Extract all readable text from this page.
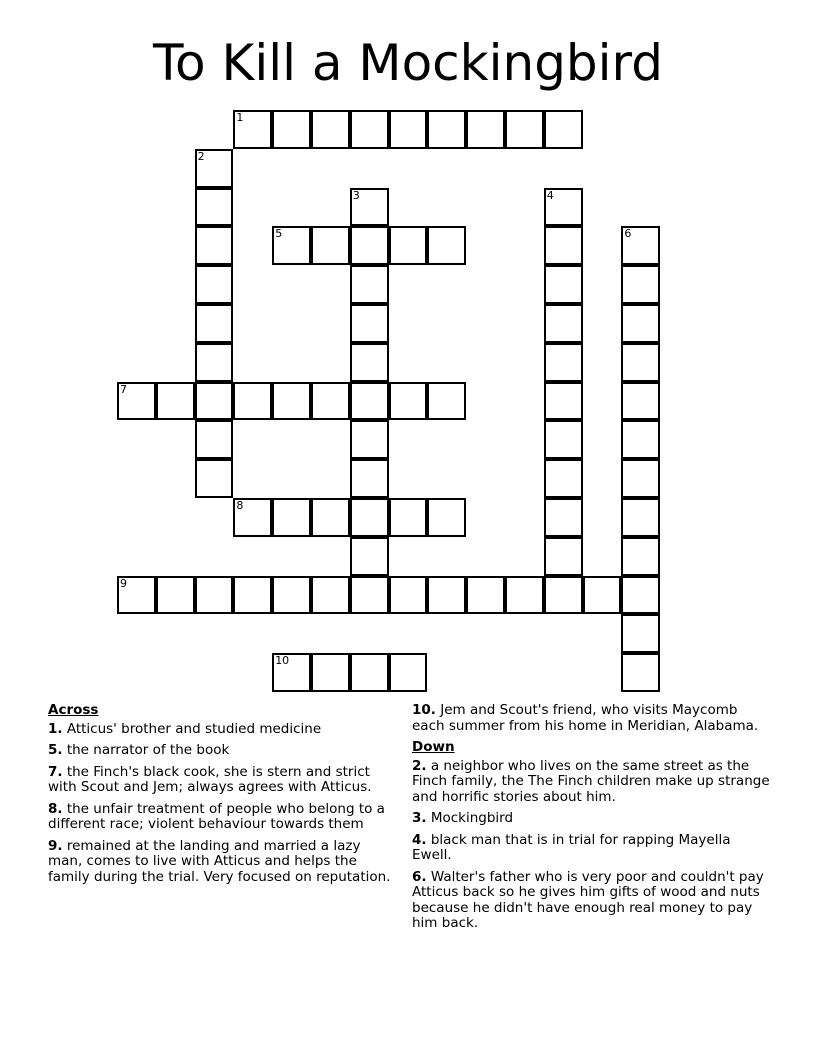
To Kill a Mockingbird
1
2
3	4
5	6
7
8
9
10
Across
1. Atticus' brother and studied medicine
5. the narrator of the book
7. the Finch's black cook, she is stern and strict with Scout and Jem; always agrees with Atticus.
8. the unfair treatment of people who belong to a different race; violent behaviour towards them
9. remained at the landing and married a lazy man, comes to live with Atticus and helps the family during the trial. Very focused on reputation.
10. Jem and Scout's friend, who visits Maycomb each summer from his home in Meridian, Alabama.
Down
2. a neighbor who lives on the same street as the Finch family, the The Finch children make up strange and horrific stories about him.
3. Mockingbird
4. black man that is in trial for rapping Mayella Ewell.
6. Walter's father who is very poor and couldn't pay Atticus back so he gives him gifts of wood and nuts because he didn't have enough real money to pay him back.
